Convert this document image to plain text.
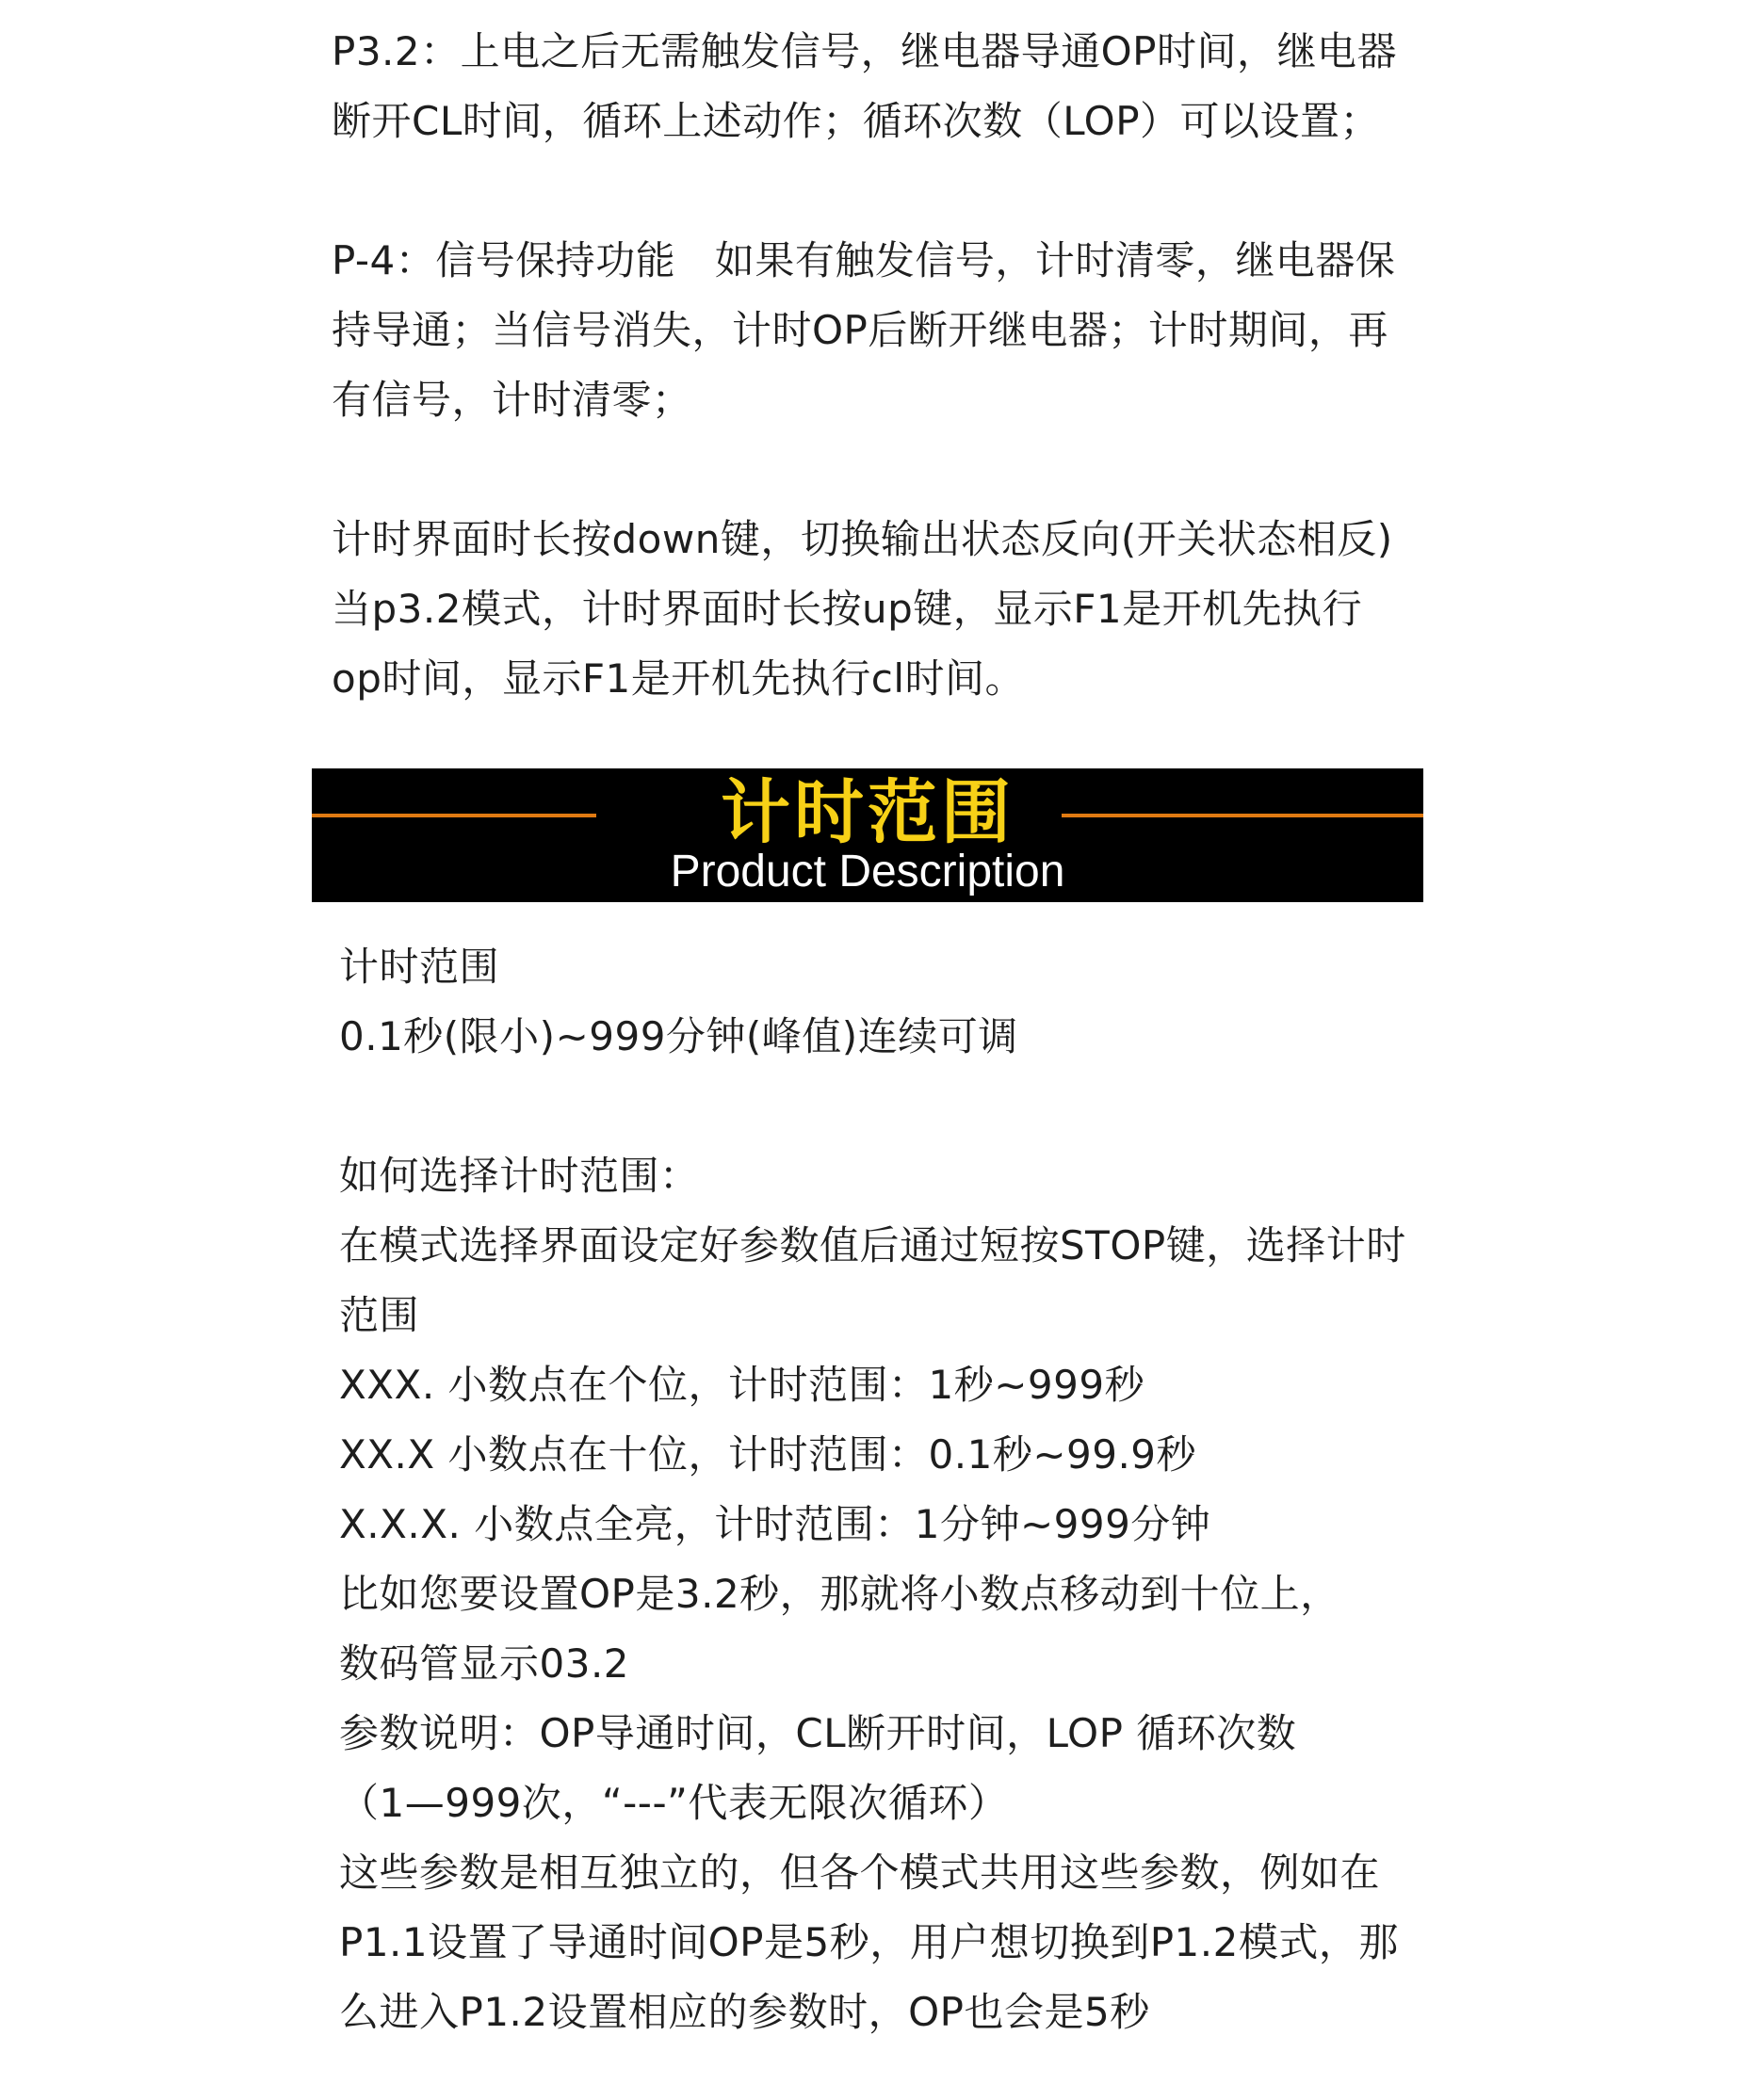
P3.2：上电之后无需触发信号，继电器导通OP时间，继电器

断开CL时间，循环上述动作；循环次数（LOP）可以设置；

P-4：信号保持功能   如果有触发信号，计时清零，继电器保

持导通；当信号消失，计时OP后断开继电器；计时期间，再

有信号，计时清零；

计时界面时长按down键，切换输出状态反向(开关状态相反)

当p3.2模式，计时界面时长按up键，显示F1是开机先执行

op时间，显示F1是开机先执行cl时间。

计时范围
Product Description

计时范围

0.1秒(限小)~999分钟(峰值)连续可调

如何选择计时范围：

在模式选择界面设定好参数值后通过短按STOP键，选择计时

范围

XXX. 小数点在个位，计时范围：1秒~999秒

XX.X 小数点在十位，计时范围：0.1秒~99.9秒

X.X.X. 小数点全亮，计时范围：1分钟~999分钟

比如您要设置OP是3.2秒，那就将小数点移动到十位上，

数码管显示03.2

参数说明：OP导通时间，CL断开时间，LOP 循环次数

（1—999次，“---”代表无限次循环）

这些参数是相互独立的，但各个模式共用这些参数，例如在

P1.1设置了导通时间OP是5秒，用户想切换到P1.2模式，那

么进入P1.2设置相应的参数时，OP也会是5秒
